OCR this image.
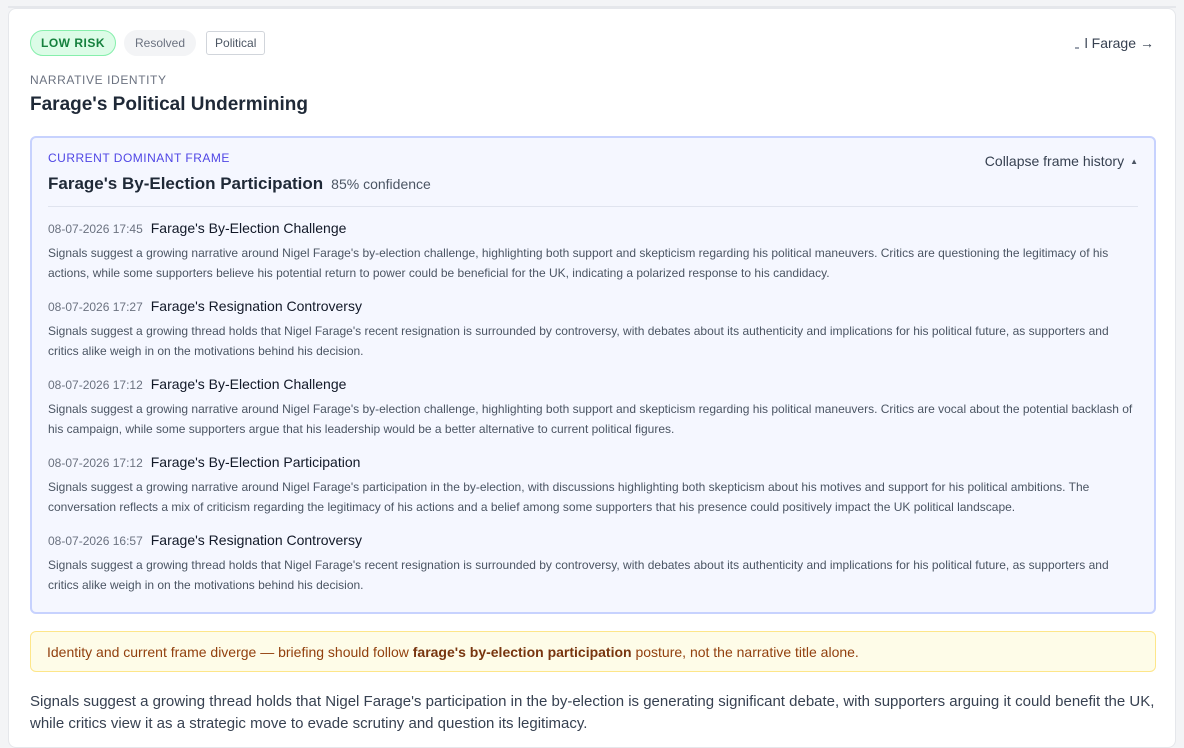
LOW RISK	Resolved	Political	l Farage →
NARRATIVE IDENTITY
Farage's Political Undermining
CURRENT DOMINANT FRAME
Farage's By-Election Participation 85% confidence
Collapse frame history ▲
08-07-2026 17:45 Farage's By-Election Challenge
Signals suggest a growing narrative around Nigel Farage's by-election challenge, highlighting both support and skepticism regarding his political maneuvers. Critics are questioning the legitimacy of his actions, while some supporters believe his potential return to power could be beneficial for the UK, indicating a polarized response to his candidacy.
08-07-2026 17:27 Farage's Resignation Controversy
Signals suggest a growing thread holds that Nigel Farage's recent resignation is surrounded by controversy, with debates about its authenticity and implications for his political future, as supporters and critics alike weigh in on the motivations behind his decision.
08-07-2026 17:12 Farage's By-Election Challenge
Signals suggest a growing narrative around Nigel Farage's by-election challenge, highlighting both support and skepticism regarding his political maneuvers. Critics are vocal about the potential backlash of his campaign, while some supporters argue that his leadership would be a better alternative to current political figures.
08-07-2026 17:12 Farage's By-Election Participation
Signals suggest a growing narrative around Nigel Farage's participation in the by-election, with discussions highlighting both skepticism about his motives and support for his political ambitions. The conversation reflects a mix of criticism regarding the legitimacy of his actions and a belief among some supporters that his presence could positively impact the UK political landscape.
08-07-2026 16:57 Farage's Resignation Controversy
Signals suggest a growing thread holds that Nigel Farage's recent resignation is surrounded by controversy, with debates about its authenticity and implications for his political future, as supporters and critics alike weigh in on the motivations behind his decision.
Identity and current frame diverge — briefing should follow farage's by-election participation posture, not the narrative title alone.
Signals suggest a growing thread holds that Nigel Farage's participation in the by-election is generating significant debate, with supporters arguing it could benefit the UK, while critics view it as a strategic move to evade scrutiny and question its legitimacy.
